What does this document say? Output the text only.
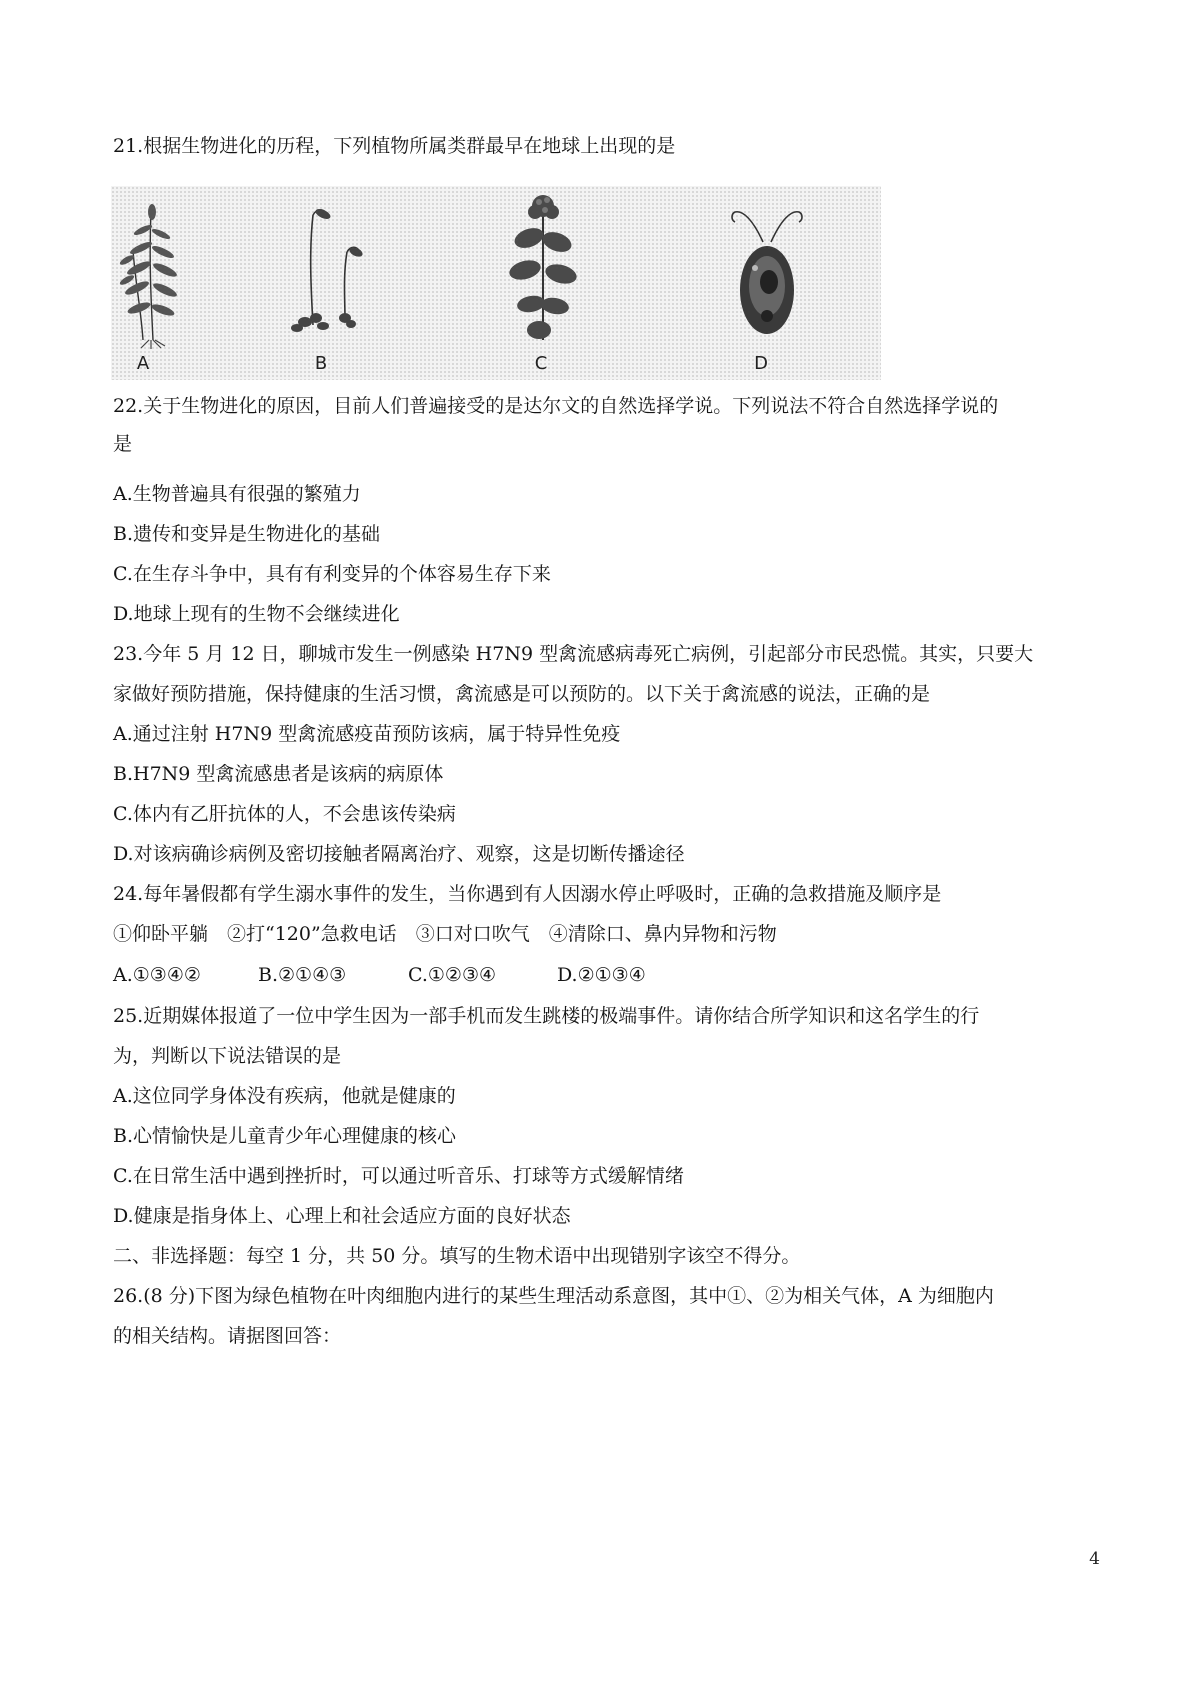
21.根据生物进化的历程，下列植物所属类群最早在地球上出现的是

A	B	C	D

22.关于生物进化的原因，目前人们普遍接受的是达尔文的自然选择学说。下列说法不符合自然选择学说的

是

A.生物普遍具有很强的繁殖力

B.遗传和变异是生物进化的基础

C.在生存斗争中，具有有利变异的个体容易生存下来

D.地球上现有的生物不会继续进化

23.今年 5 月 12 日，聊城市发生一例感染 H7N9 型禽流感病毒死亡病例，引起部分市民恐慌。其实，只要大

家做好预防措施，保持健康的生活习惯，禽流感是可以预防的。以下关于禽流感的说法，正确的是

A.通过注射 H7N9 型禽流感疫苗预防该病，属于特异性免疫

B.H7N9 型禽流感患者是该病的病原体

C.体内有乙肝抗体的人，不会患该传染病

D.对该病确诊病例及密切接触者隔离治疗、观察，这是切断传播途径

24.每年暑假都有学生溺水事件的发生，当你遇到有人因溺水停止呼吸时，正确的急救措施及顺序是

①仰卧平躺　②打“120”急救电话　③口对口吹气　④清除口、鼻内异物和污物

A.①③④②	B.②①④③	C.①②③④	D.②①③④

25.近期媒体报道了一位中学生因为一部手机而发生跳楼的极端事件。请你结合所学知识和这名学生的行

为，判断以下说法错误的是

A.这位同学身体没有疾病，他就是健康的

B.心情愉快是儿童青少年心理健康的核心

C.在日常生活中遇到挫折时，可以通过听音乐、打球等方式缓解情绪

D.健康是指身体上、心理上和社会适应方面的良好状态

二、非选择题：每空 1 分，共 50 分。填写的生物术语中出现错别字该空不得分。

26.(8 分)下图为绿色植物在叶肉细胞内进行的某些生理活动系意图，其中①、②为相关气体，A 为细胞内

的相关结构。请据图回答：

4
